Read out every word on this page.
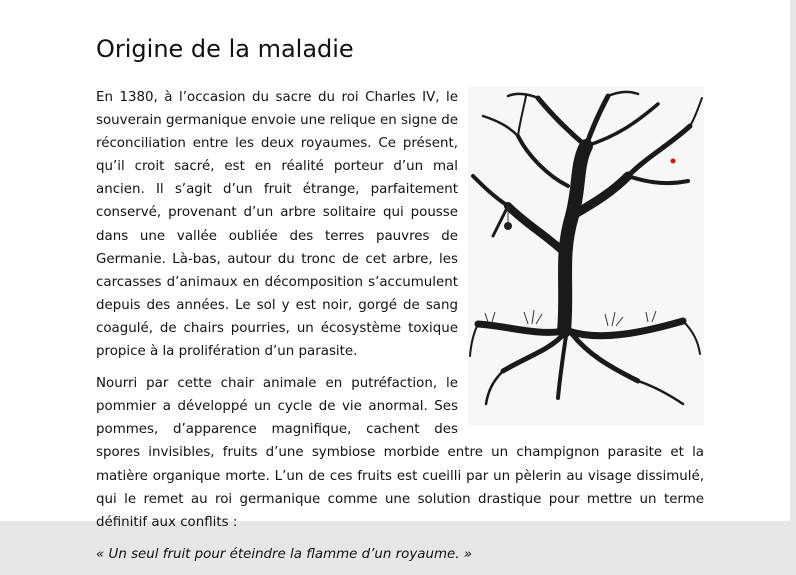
Origine de la maladie

En 1380, à l’occasion du sacre du roi Charles IV, le souverain germanique envoie une relique en signe de réconciliation entre les deux royaumes. Ce présent, qu’il croit sacré, est en réalité porteur d’un mal ancien. Il s’agit d’un fruit étrange, parfaitement conservé, provenant d’un arbre solitaire qui pousse dans une vallée oubliée des terres pauvres de Germanie. Là-bas, autour du tronc de cet arbre, les carcasses d’animaux en décomposition s’accumulent depuis des années. Le sol y est noir, gorgé de sang coagulé, de chairs pourries, un écosystème toxique propice à la prolifération d’un parasite.

Nourri par cette chair animale en putréfaction, le pommier a développé un cycle de vie anormal. Ses pommes, d’apparence magnifique, cachent des spores invisibles, fruits d’une symbiose morbide entre un champignon parasite et la matière organique morte. L’un de ces fruits est cueilli par un pèlerin au visage dissimulé, qui le remet au roi germanique comme une solution drastique pour mettre un terme définitif aux conflits :

« Un seul fruit pour éteindre la flamme d’un royaume. »
